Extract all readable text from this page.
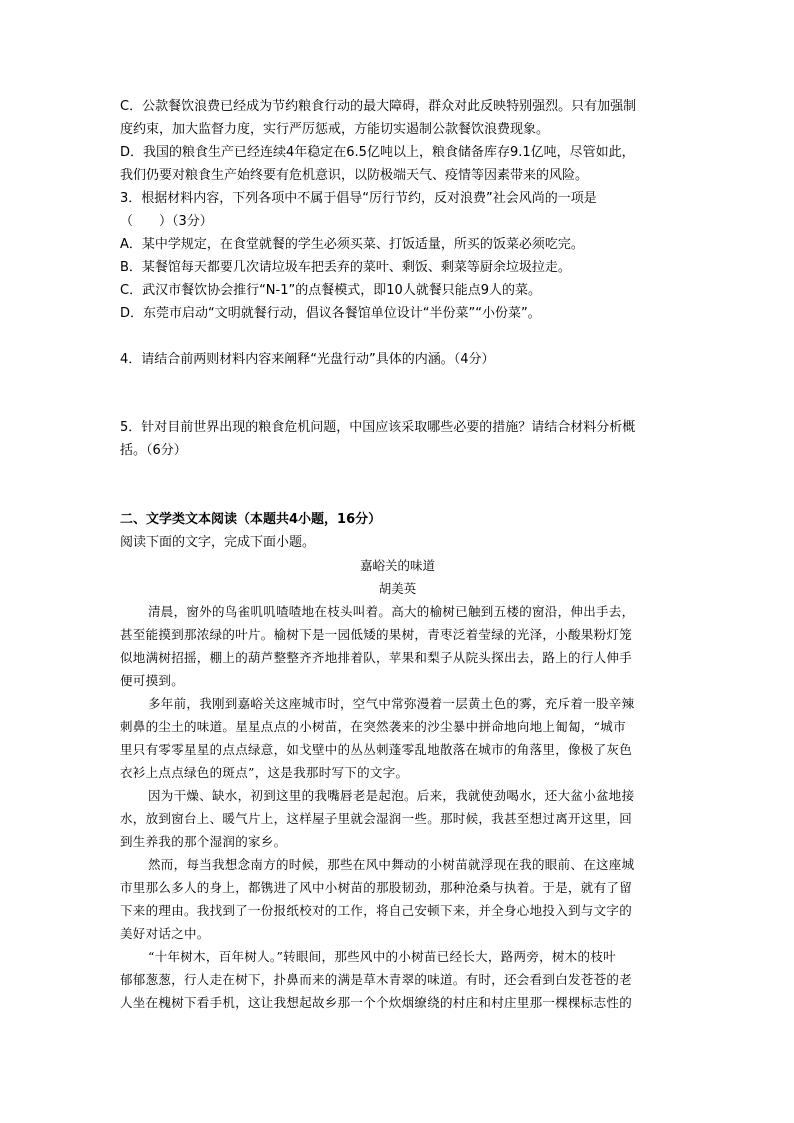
C．公款餐饮浪费已经成为节约粮食行动的最大障碍，群众对此反映特别强烈。只有加强制
度约束，加大监督力度，实行严厉惩戒，方能切实遏制公款餐饮浪费现象。
D．我国的粮食生产已经连续4年稳定在6.5亿吨以上，粮食储备库存9.1亿吨，尽管如此，
我们仍要对粮食生产始终要有危机意识，以防极端天气、疫情等因素带来的风险。
3．根据材料内容，下列各项中不属于倡导“厉行节约，反对浪费”社会风尚的一项是
（　　）（3分）
A．某中学规定，在食堂就餐的学生必须买菜、打饭适量，所买的饭菜必须吃完。
B．某餐馆每天都要几次请垃圾车把丢弃的菜叶、剩饭、剩菜等厨余垃圾拉走。
C．武汉市餐饮协会推行“N-1”的点餐模式，即10人就餐只能点9人的菜。
D．东莞市启动“文明就餐行动，倡议各餐馆单位设计“半份菜”“小份菜”。
4．请结合前两则材料内容来阐释“光盘行动”具体的内涵。（4分）
5．针对目前世界出现的粮食危机问题，中国应该采取哪些必要的措施？请结合材料分析概
括。（6分）
二、文学类文本阅读（本题共4小题，16分）
阅读下面的文字，完成下面小题。
嘉峪关的味道
胡美英
清晨，窗外的鸟雀叽叽喳喳地在枝头叫着。高大的榆树已触到五楼的窗沿，伸出手去，
甚至能摸到那浓绿的叶片。榆树下是一园低矮的果树，青枣泛着莹绿的光泽，小酸果粉灯笼
似地满树招摇，棚上的葫芦整整齐齐地排着队，苹果和梨子从院头探出去，路上的行人伸手
便可摸到。
多年前，我刚到嘉峪关这座城市时，空气中常弥漫着一层黄土色的雾，充斥着一股辛辣
刺鼻的尘土的味道。星星点点的小树苗，在突然袭来的沙尘暴中拼命地向地上匍匐，“城市
里只有零零星星的点点绿意，如戈壁中的丛丛刺蓬零乱地散落在城市的角落里，像极了灰色
衣衫上点点绿色的斑点”，这是我那时写下的文字。
因为干燥、缺水，初到这里的我嘴唇老是起泡。后来，我就使劲喝水，还大盆小盆地接
水，放到窗台上、暖气片上，这样屋子里就会湿润一些。那时候，我甚至想过离开这里，回
到生养我的那个湿润的家乡。
然而，每当我想念南方的时候，那些在风中舞动的小树苗就浮现在我的眼前、在这座城
市里那么多人的身上，都镌进了风中小树苗的那股韧劲，那种沧桑与执着。于是，就有了留
下来的理由。我找到了一份报纸校对的工作，将自己安顿下来，并全身心地投入到与文字的
美好对话之中。
“十年树木，百年树人。”转眼间，那些风中的小树苗已经长大，路两旁，树木的枝叶
郁郁葱葱，行人走在树下，扑鼻而来的满是草木青翠的味道。有时，还会看到白发苍苍的老
人坐在槐树下看手机，这让我想起故乡那一个个炊烟缭绕的村庄和村庄里那一棵棵标志性的
